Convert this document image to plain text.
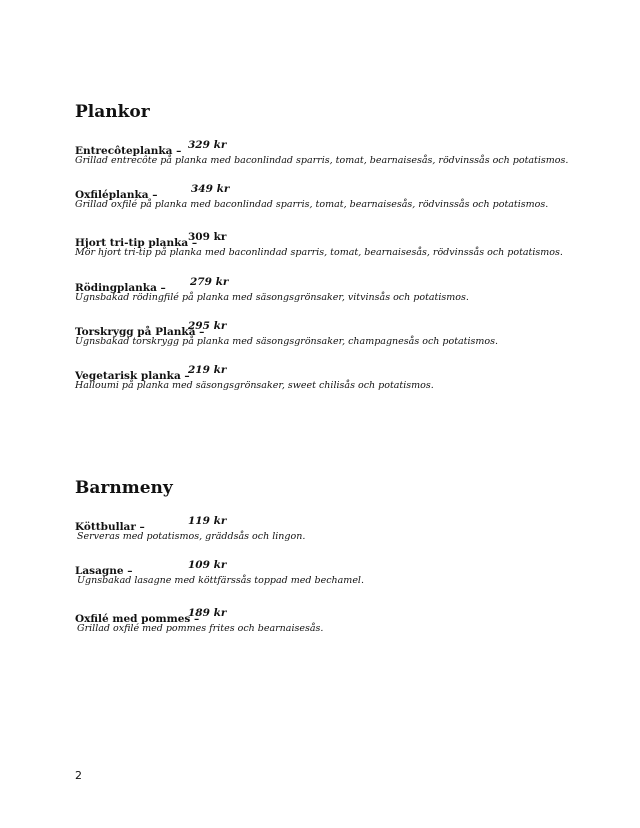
Plankor
Entrecôteplanka – 329 kr
Grillad entrecôte på planka med baconlindad sparris, tomat, bearnaisesås, rödvinssås och potatismos.
Oxfiléplanka –	349 kr
Grillad oxfilé på planka med baconlindad sparris, tomat, bearnaisesås, rödvinssås och potatismos.
Hjort tri-tip planka –
309 kr
Mör hjort tri-tip på planka med baconlindad sparris, tomat, bearnaisesås, rödvinssås och potatismos.
Rödingplanka – 279 kr
Ugnsbakad rödingfilé på planka med säsongsgrönsaker, vitvinsås och potatismos.
Torskrygg på Planka –
295 kr
Ugnsbakad torskrygg på planka med säsongsgrönsaker, champagnesås och potatismos.
Vegetarisk planka –
219 kr
Halloumi på planka med säsongsgrönsaker, sweet chilisås och potatismos.
Barnmeny
Köttbullar –	119 kr
Serveras med potatismos, gräddsås och lingon.
Lasagne –	109 kr
Ugnsbakad lasagne med köttfärssås toppad med bechamel.
Oxfilé med pommes –
189 kr
Grillad oxfilé med pommes frites och bearnaisesås.
2
